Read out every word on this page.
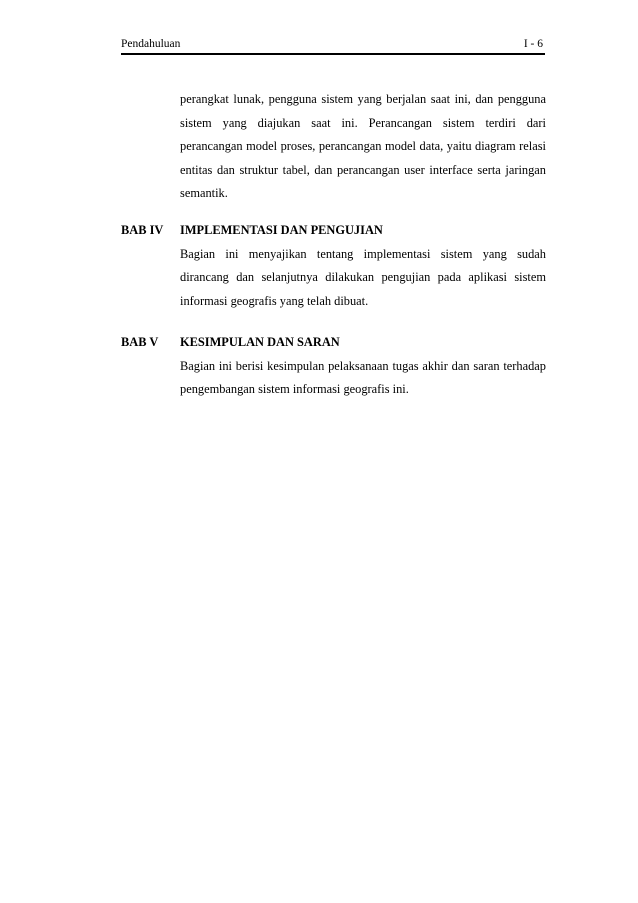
Pendahuluan	I - 6

perangkat lunak, pengguna sistem yang berjalan saat ini, dan pengguna sistem yang diajukan saat ini. Perancangan sistem terdiri dari perancangan model proses, perancangan model data, yaitu diagram relasi entitas dan struktur tabel, dan perancangan user interface serta jaringan semantik.

BAB IV IMPLEMENTASI DAN PENGUJIAN

Bagian ini menyajikan tentang implementasi sistem yang sudah dirancang dan selanjutnya dilakukan pengujian pada aplikasi sistem informasi geografis yang telah dibuat.

BAB V KESIMPULAN DAN SARAN

Bagian ini berisi kesimpulan pelaksanaan tugas akhir dan saran terhadap pengembangan sistem informasi geografis ini.
